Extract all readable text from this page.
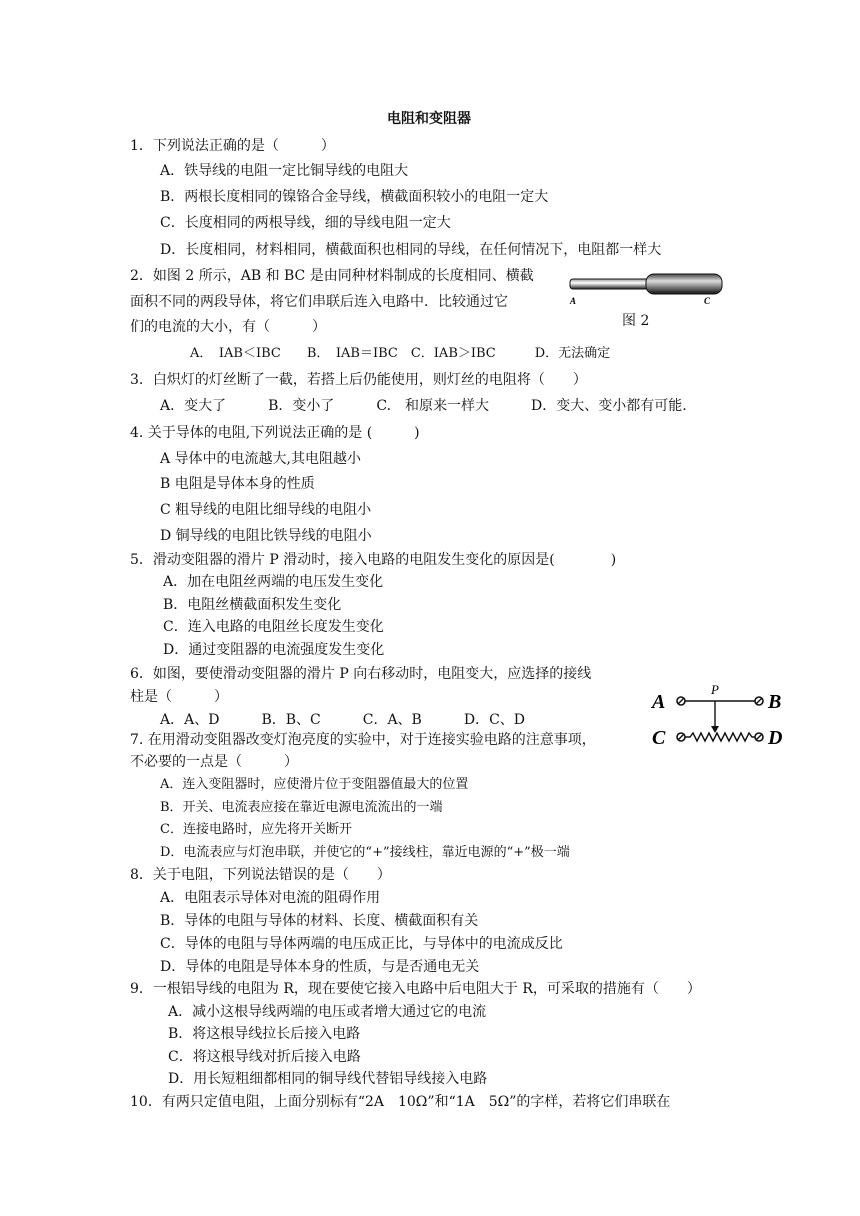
电阻和变阻器
1．下列说法正确的是（　　　）
A．铁导线的电阻一定比铜导线的电阻大
B．两根长度相同的镍铬合金导线，横截面积较小的电阻一定大
C．长度相同的两根导线，细的导线电阻一定大
D．长度相同，材料相同，横截面积也相同的导线，在任何情况下，电阻都一样大
2．如图 2 所示，AB 和 BC 是由同种材料制成的长度相同、横截
面积不同的两段导体，将它们串联后连入电路中．比较通过它
们的电流的大小，有（　　　）
A．　IAB＜IBC　　B．　IAB＝IBC　C．IAB＞IBC　　　D．无法确定
A	C
图 2
3．白炽灯的灯丝断了一截，若搭上后仍能使用，则灯丝的电阻将（　　）
A．变大了　　　B．变小了　　　C.　和原来一样大　　　D．变大、变小都有可能.
4. 关于导体的电阻,下列说法正确的是 (　　　)
A 导体中的电流越大,其电阻越小
B 电阻是导体本身的性质
C 粗导线的电阻比细导线的电阻小
D 铜导线的电阻比铁导线的电阻小
5．滑动变阻器的滑片 P 滑动时，接入电路的电阻发生变化的原因是(　　　　)
A．加在电阻丝两端的电压发生变化
B．电阻丝横截面积发生变化
C．连入电路的电阻丝长度发生变化
D．通过变阻器的电流强度发生变化
6．如图，要使滑动变阻器的滑片 P 向右移动时，电阻变大，应选择的接线
柱是（　　　）
A．A、D　　　B．B、C　　　C．A、B　　　D．C、D
A	B
C	D
P
7. 在用滑动变阻器改变灯泡亮度的实验中，对于连接实验电路的注意事项，
不必要的一点是（　　　）
A．连入变阻器时，应使滑片位于变阻器值最大的位置
B．开关、电流表应接在靠近电源电流流出的一端
C．连接电路时，应先将开关断开
D．电流表应与灯泡串联，并使它的“+”接线柱，靠近电源的“+”极一端
8．关于电阻，下列说法错误的是（　　）
A．电阻表示导体对电流的阻碍作用
B．导体的电阻与导体的材料、长度、横截面积有关
C．导体的电阻与导体两端的电压成正比，与导体中的电流成反比
D．导体的电阻是导体本身的性质，与是否通电无关
9．一根铝导线的电阻为 R，现在要使它接入电路中后电阻大于 R，可采取的措施有（　　）
A．减小这根导线两端的电压或者增大通过它的电流
B．将这根导线拉长后接入电路
C．将这根导线对折后接入电路
D．用长短粗细都相同的铜导线代替铝导线接入电路
10．有两只定值电阻，上面分别标有“2A　10Ω”和“1A　5Ω”的字样，若将它们串联在
